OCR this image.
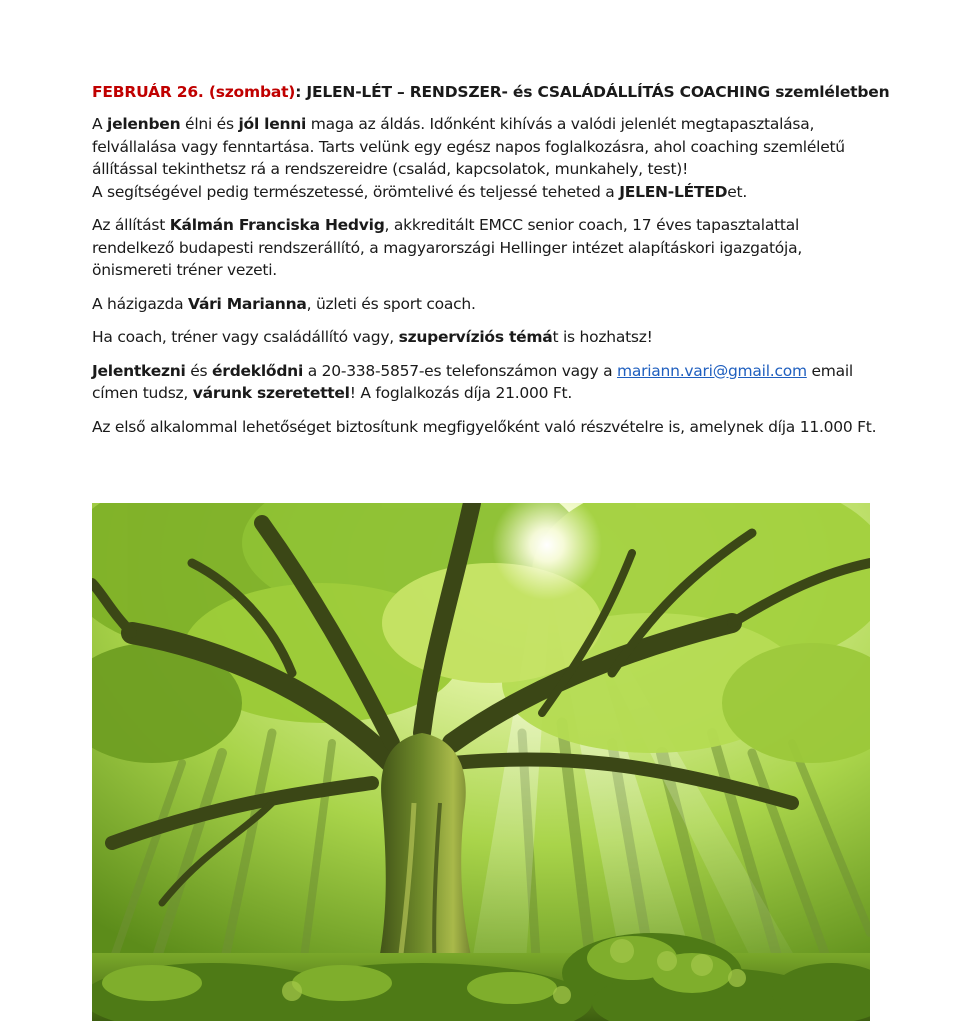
FEBRUÁR 26. (szombat): JELEN-LÉT – RENDSZER- és CSALÁDÁLLÍTÁS COACHING szemléletben

A jelenben élni és jól lenni maga az áldás. Időnként kihívás a valódi jelenlét megtapasztalása, felvállalása vagy fenntartása. Tarts velünk egy egész napos foglalkozásra, ahol coaching szemléletű állítással tekinthetsz rá a rendszereidre (család, kapcsolatok, munkahely, test)!
A segítségével pedig természetessé, örömtelivé és teljessé teheted a JELEN-LÉTEDet.

Az állítást Kálmán Franciska Hedvig, akkreditált EMCC senior coach, 17 éves tapasztalattal rendelkező budapesti rendszerállító, a magyarországi Hellinger intézet alapításkori igazgatója, önismereti tréner vezeti.

A házigazda Vári Marianna, üzleti és sport coach.

Ha coach, tréner vagy családállító vagy, szupervíziós témát is hozhatsz!

Jelentkezni és érdeklődni a 20-338-5857-es telefonszámon vagy a mariann.vari@gmail.com email címen tudsz, várunk szeretettel! A foglalkozás díja 21.000 Ft.

Az első alkalommal lehetőséget biztosítunk megfigyelőként való részvételre is, amelynek díja 11.000 Ft.
